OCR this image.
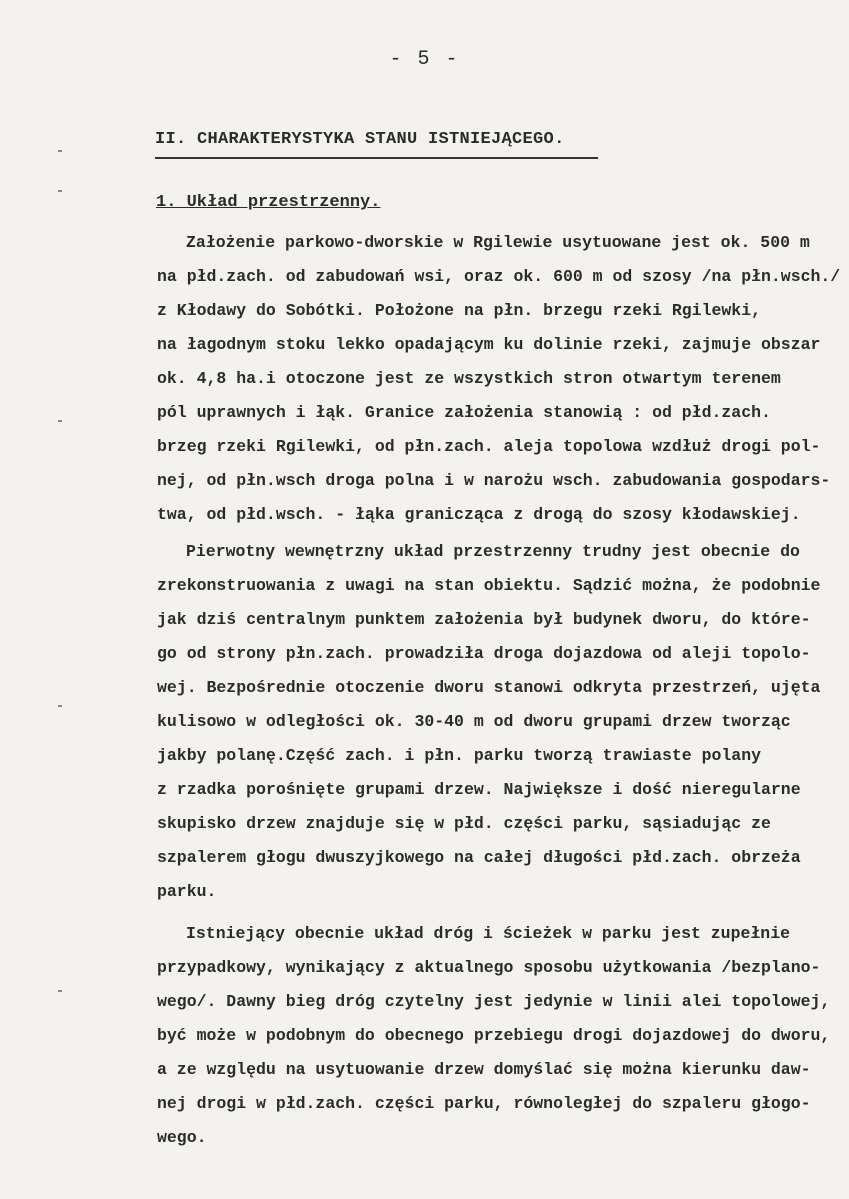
- 5 -
II. CHARAKTERYSTYKA STANU ISTNIEJĄCEGO.
1. Układ przestrzenny.
Założenie parkowo-dworskie w Rgilewie usytuowane jest ok. 500 m
na płd.zach. od zabudowań wsi, oraz ok. 600 m od szosy /na płn.wsch./
z Kłodawy do Sobótki. Położone na płn. brzegu rzeki Rgilewki,
na łagodnym stoku lekko opadającym ku dolinie rzeki, zajmuje obszar
ok. 4,8 ha.i otoczone jest ze wszystkich stron otwartym terenem
pól uprawnych i łąk. Granice założenia stanowią : od płd.zach.
brzeg rzeki Rgilewki, od płn.zach. aleja topolowa wzdłuż drogi pol-
nej, od płn.wsch droga polna i w narożu wsch. zabudowania gospodars-
twa, od płd.wsch. - łąka granicząca z drogą do szosy kłodawskiej.
Pierwotny wewnętrzny układ przestrzenny trudny jest obecnie do
zrekonstruowania z uwagi na stan obiektu. Sądzić można, że podobnie
jak dziś centralnym punktem założenia był budynek dworu, do które-
go od strony płn.zach. prowadziła droga dojazdowa od aleji topolo-
wej. Bezpośrednie otoczenie dworu stanowi odkryta przestrzeń, ujęta
kulisowo w odległości ok. 30-40 m od dworu grupami drzew tworząc
jakby polanę.Część zach. i płn. parku tworzą trawiaste polany
z rzadka porośnięte grupami drzew. Największe i dość nieregularne
skupisko drzew znajduje się w płd. części parku, sąsiadując ze
szpalerem głogu dwuszyjkowego na całej długości płd.zach. obrzeża
parku.
Istniejący obecnie układ dróg i ścieżek w parku jest zupełnie
przypadkowy, wynikający z aktualnego sposobu użytkowania /bezplano-
wego/. Dawny bieg dróg czytelny jest jedynie w linii alei topolowej,
być może w podobnym do obecnego przebiegu drogi dojazdowej do dworu,
a ze względu na usytuowanie drzew domyślać się można kierunku daw-
nej drogi w płd.zach. części parku, równoległej do szpaleru głogo-
wego.
